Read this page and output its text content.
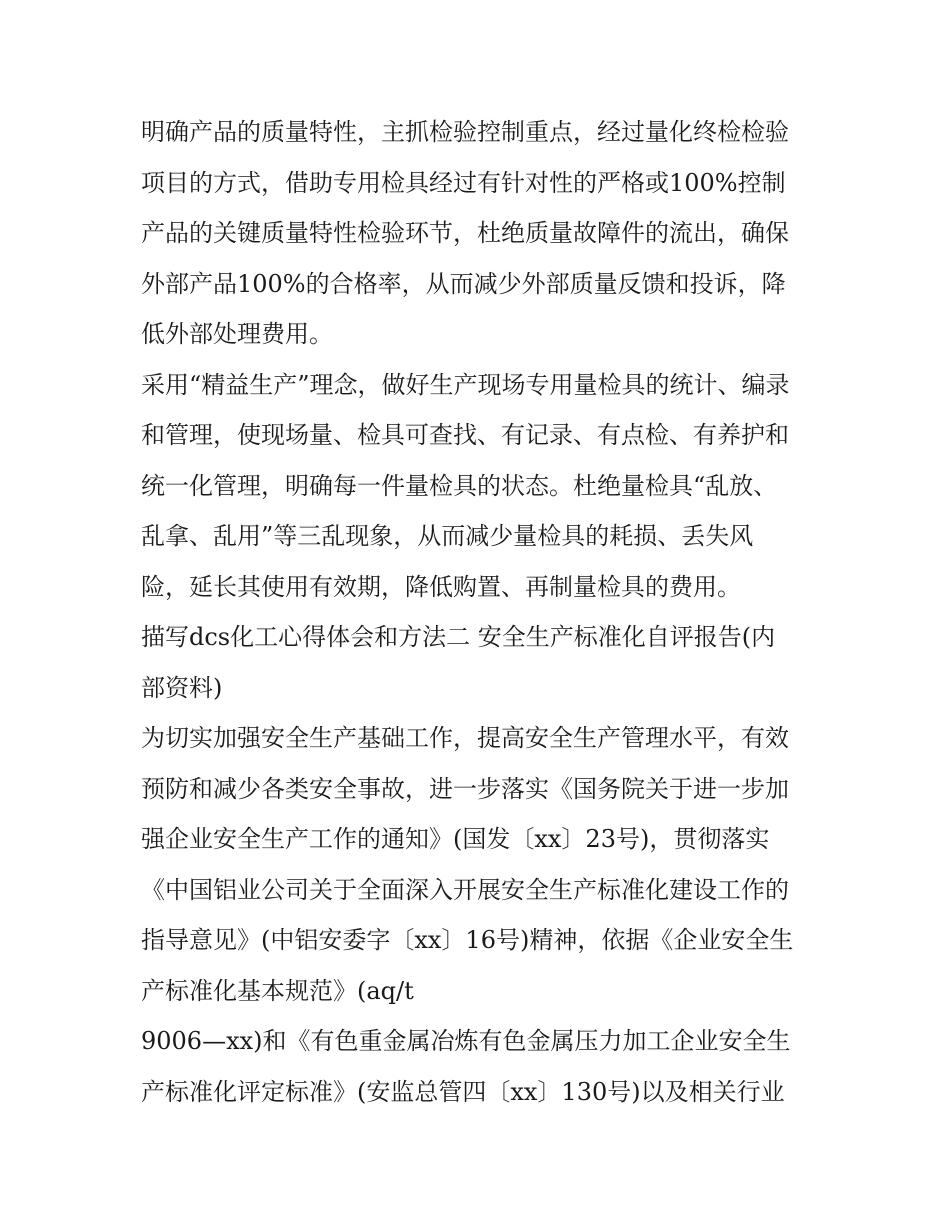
明确产品的质量特性，主抓检验控制重点，经过量化终检检验
项目的方式，借助专用检具经过有针对性的严格或100%控制
产品的关键质量特性检验环节，杜绝质量故障件的流出，确保
外部产品100%的合格率，从而减少外部质量反馈和投诉，降
低外部处理费用。
采用“精益生产”理念，做好生产现场专用量检具的统计、编录
和管理，使现场量、检具可查找、有记录、有点检、有养护和
统一化管理，明确每一件量检具的状态。杜绝量检具“乱放、
乱拿、乱用”等三乱现象，从而减少量检具的耗损、丢失风
险，延长其使用有效期，降低购置、再制量检具的费用。
描写dcs化工心得体会和方法二 安全生产标准化自评报告(内
部资料)
为切实加强安全生产基础工作，提高安全生产管理水平，有效
预防和减少各类安全事故，进一步落实《国务院关于进一步加
强企业安全生产工作的通知》(国发〔xx〕23号)，贯彻落实
《中国铝业公司关于全面深入开展安全生产标准化建设工作的
指导意见》(中铝安委字〔xx〕16号)精神，依据《企业安全生
产标准化基本规范》(aq/t
9006—xx)和《有色重金属冶炼有色金属压力加工企业安全生
产标准化评定标准》(安监总管四〔xx〕130号)以及相关行业
